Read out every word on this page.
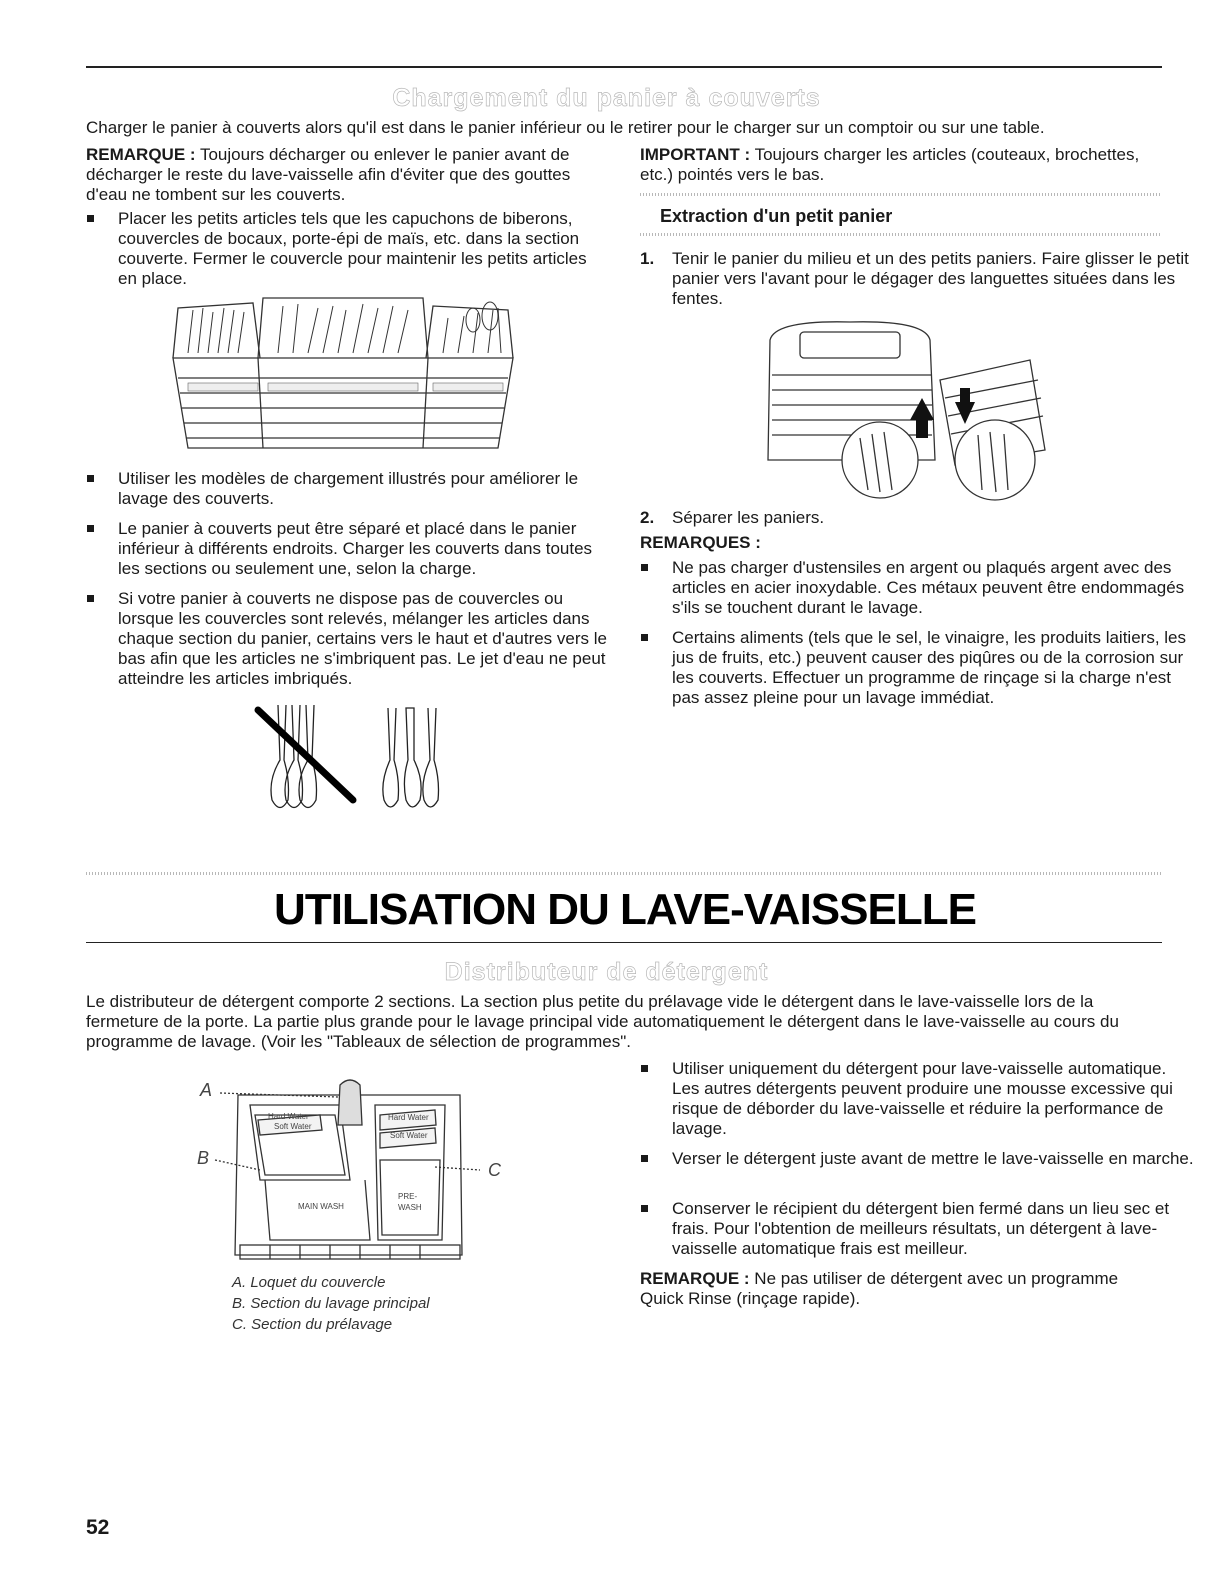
Chargement du panier à couverts

Charger le panier à couverts alors qu'il est dans le panier inférieur ou le retirer pour le charger sur un comptoir ou sur une table.

REMARQUE : Toujours décharger ou enlever le panier avant de décharger le reste du lave-vaisselle afin d'éviter que des gouttes d'eau ne tombent sur les couverts.

Placer les petits articles tels que les capuchons de biberons, couvercles de bocaux, porte-épi de maïs, etc. dans la section couverte. Fermer le couvercle pour maintenir les petits articles en place.
Utiliser les modèles de chargement illustrés pour améliorer le lavage des couverts.
Le panier à couverts peut être séparé et placé dans le panier inférieur à différents endroits. Charger les couverts dans toutes les sections ou seulement une, selon la charge.
Si votre panier à couverts ne dispose pas de couvercles ou lorsque les couvercles sont relevés, mélanger les articles dans chaque section du panier, certains vers le haut et d'autres vers le bas afin que les articles ne s'imbriquent pas. Le jet d'eau ne peut atteindre les articles imbriqués.

IMPORTANT : Toujours charger les articles (couteaux, brochettes, etc.) pointés vers le bas.

Extraction d'un petit panier
1. Tenir le panier du milieu et un des petits paniers. Faire glisser le petit panier vers l'avant pour le dégager des languettes situées dans les fentes.
2. Séparer les paniers.
REMARQUES :
Ne pas charger d'ustensiles en argent ou plaqués argent avec des articles en acier inoxydable. Ces métaux peuvent être endommagés s'ils se touchent durant le lavage.
Certains aliments (tels que le sel, le vinaigre, les produits laitiers, les jus de fruits, etc.) peuvent causer des piqûres ou de la corrosion sur les couverts. Effectuer un programme de rinçage si la charge n'est pas assez pleine pour un lavage immédiat.
UTILISATION DU LAVE-VAISSELLE
Distributeur de détergent

Le distributeur de détergent comporte 2 sections. La section plus petite du prélavage vide le détergent dans le lave-vaisselle lors de la fermeture de la porte. La partie plus grande pour le lavage principal vide automatiquement le détergent dans le lave-vaisselle au cours du programme de lavage. (Voir les "Tableaux de sélection de programmes".

A
B
C
Hard Water
Soft Water
Hard Water
Soft Water
MAIN WASH
PRE-
WASH
A. Loquet du couvercle
B. Section du lavage principal
C. Section du prélavage
Utiliser uniquement du détergent pour lave-vaisselle automatique. Les autres détergents peuvent produire une mousse excessive qui risque de déborder du lave-vaisselle et réduire la performance de lavage.
Verser le détergent juste avant de mettre le lave-vaisselle en marche.
Conserver le récipient du détergent bien fermé dans un lieu sec et frais. Pour l'obtention de meilleurs résultats, un détergent à lave-vaisselle automatique frais est meilleur.

REMARQUE : Ne pas utiliser de détergent avec un programme Quick Rinse (rinçage rapide).

52
